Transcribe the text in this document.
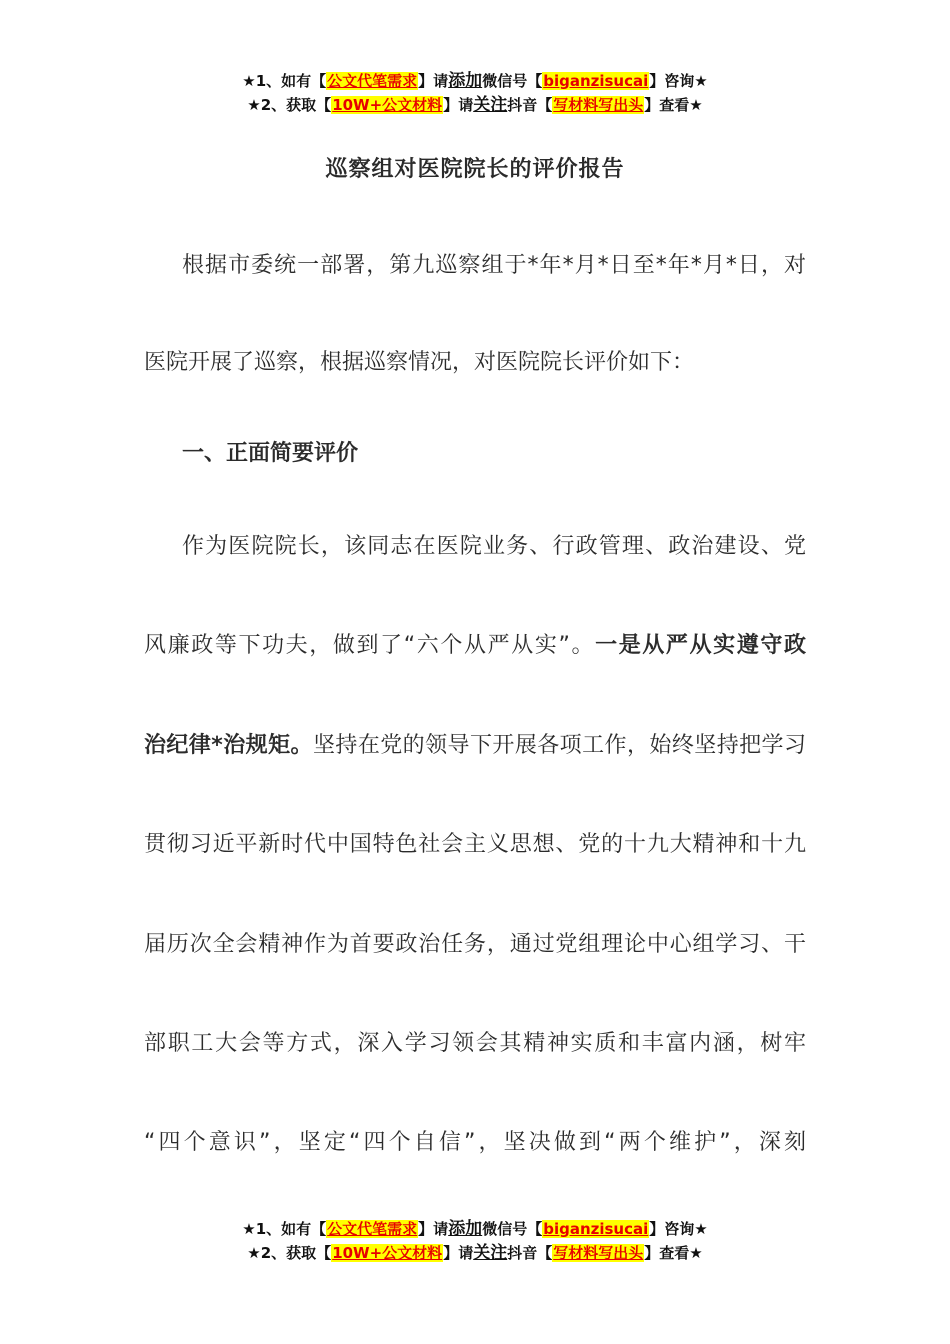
★1、如有【公文代笔需求】请添加微信号【biganzisucai】咨询★
★2、获取【10W+公文材料】请关注抖音【写材料写出头】查看★
巡察组对医院院长的评价报告
根据市委统一部署，第九巡察组于*年*月*日至*年*月*日，对
医院开展了巡察，根据巡察情况，对医院院长评价如下：
一、正面简要评价
作为医院院长，该同志在医院业务、行政管理、政治建设、党
风廉政等下功夫，做到了“六个从严从实”。一是从严从实遵守政
治纪律*治规矩。坚持在党的领导下开展各项工作，始终坚持把学习
贯彻习近平新时代中国特色社会主义思想、党的十九大精神和十九
届历次全会精神作为首要政治任务，通过党组理论中心组学习、干
部职工大会等方式，深入学习领会其精神实质和丰富内涵，树牢
“四个意识”，坚定“四个自信”，坚决做到“两个维护”，深刻
★1、如有【公文代笔需求】请添加微信号【biganzisucai】咨询★
★2、获取【10W+公文材料】请关注抖音【写材料写出头】查看★
